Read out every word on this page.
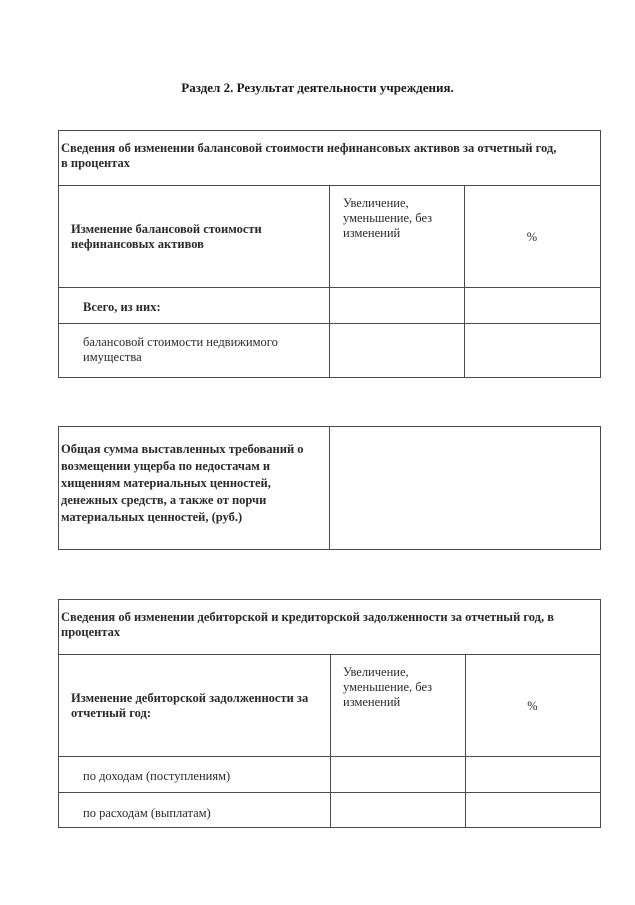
Раздел 2. Результат деятельности учреждения.
Сведения об изменении балансовой стоимости нефинансовых активов за отчетный год, в процентах
Изменение балансовой стоимости нефинансовых активов
Увеличение, уменьшение, без изменений	%
Всего, из них:
балансовой стоимости недвижимого имущества
Общая сумма выставленных требований о возмещении ущерба по недостачам и хищениям материальных ценностей, денежных средств, а также от порчи материальных ценностей, (руб.)
Сведения об изменении дебиторской и кредиторской задолженности за отчетный год, в процентах
Изменение дебиторской задолженности за отчетный год:
Увеличение, уменьшение, без изменений	%
по доходам (поступлениям)
по расходам (выплатам)
